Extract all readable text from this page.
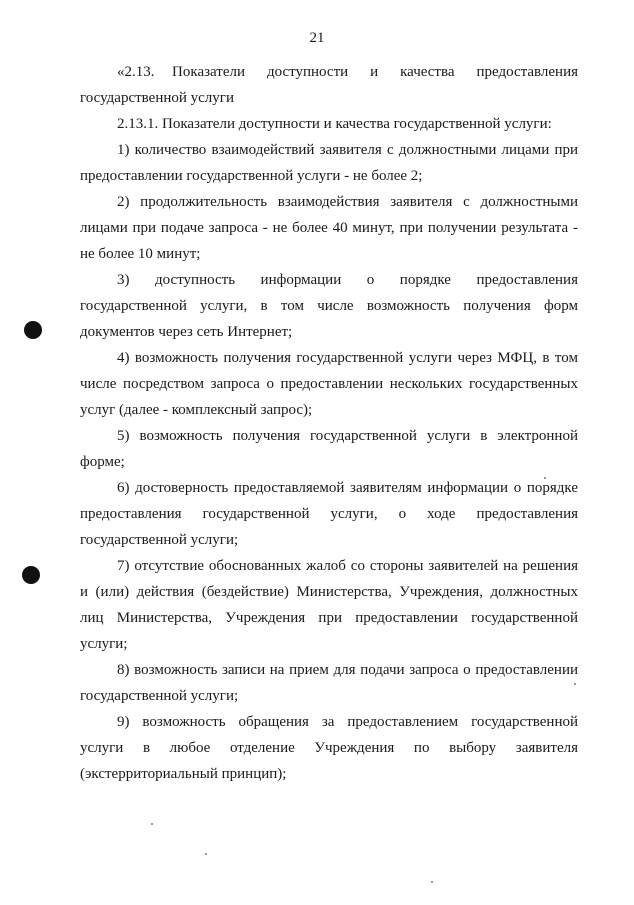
21

«2.13.    Показатели     доступности     и     качества     предоставления государственной услуги

2.13.1. Показатели доступности и качества государственной услуги:

1) количество взаимодействий заявителя с должностными лицами при предоставлении государственной услуги - не более 2;

2) продолжительность взаимодействия заявителя с должностными лицами при подаче запроса - не более 40 минут, при получении результата - не более 10 минут;

3) доступность информации о порядке предоставления государственной услуги, в том числе возможность получения форм документов через сеть Интернет;

4) возможность получения государственной услуги через МФЦ, в том числе посредством запроса о предоставлении нескольких государственных услуг (далее - комплексный запрос);

5) возможность получения государственной услуги в электронной форме;

6) достоверность предоставляемой заявителям информации о порядке предоставления государственной услуги, о ходе предоставления государственной услуги;

7) отсутствие обоснованных жалоб со стороны заявителей на решения и (или) действия (бездействие) Министерства, Учреждения, должностных лиц Министерства, Учреждения при предоставлении государственной услуги;

8) возможность записи на прием для подачи запроса о предоставлении государственной услуги;

9) возможность обращения за предоставлением государственной услуги в любое отделение Учреждения по выбору заявителя (экстерриториальный принцип);
